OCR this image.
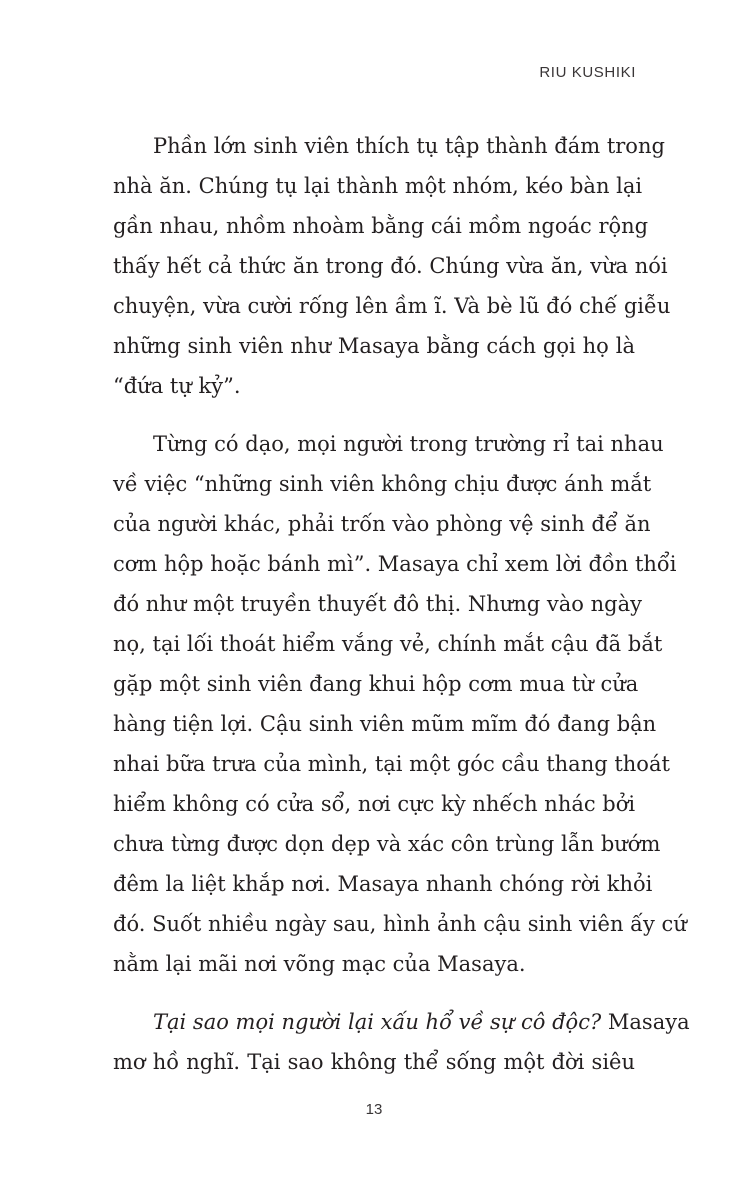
RIU KUSHIKI
Phần lớn sinh viên thích tụ tập thành đám trong
nhà ăn. Chúng tụ lại thành một nhóm, kéo bàn lại
gần nhau, nhồm nhoàm bằng cái mồm ngoác rộng
thấy hết cả thức ăn trong đó. Chúng vừa ăn, vừa nói
chuyện, vừa cười rống lên ầm ĩ. Và bè lũ đó chế giễu
những sinh viên như Masaya bằng cách gọi họ là
“đứa tự kỷ”.
Từng có dạo, mọi người trong trường rỉ tai nhau
về việc “những sinh viên không chịu được ánh mắt
của người khác, phải trốn vào phòng vệ sinh để ăn
cơm hộp hoặc bánh mì”. Masaya chỉ xem lời đồn thổi
đó như một truyền thuyết đô thị. Nhưng vào ngày
nọ, tại lối thoát hiểm vắng vẻ, chính mắt cậu đã bắt
gặp một sinh viên đang khui hộp cơm mua từ cửa
hàng tiện lợi. Cậu sinh viên mũm mĩm đó đang bận
nhai bữa trưa của mình, tại một góc cầu thang thoát
hiểm không có cửa sổ, nơi cực kỳ nhếch nhác bởi
chưa từng được dọn dẹp và xác côn trùng lẫn bướm
đêm la liệt khắp nơi. Masaya nhanh chóng rời khỏi
đó. Suốt nhiều ngày sau, hình ảnh cậu sinh viên ấy cứ
nằm lại mãi nơi võng mạc của Masaya.
Tại sao mọi người lại xấu hổ về sự cô độc? Masaya
mơ hồ nghĩ. Tại sao không thể sống một đời siêu
13
